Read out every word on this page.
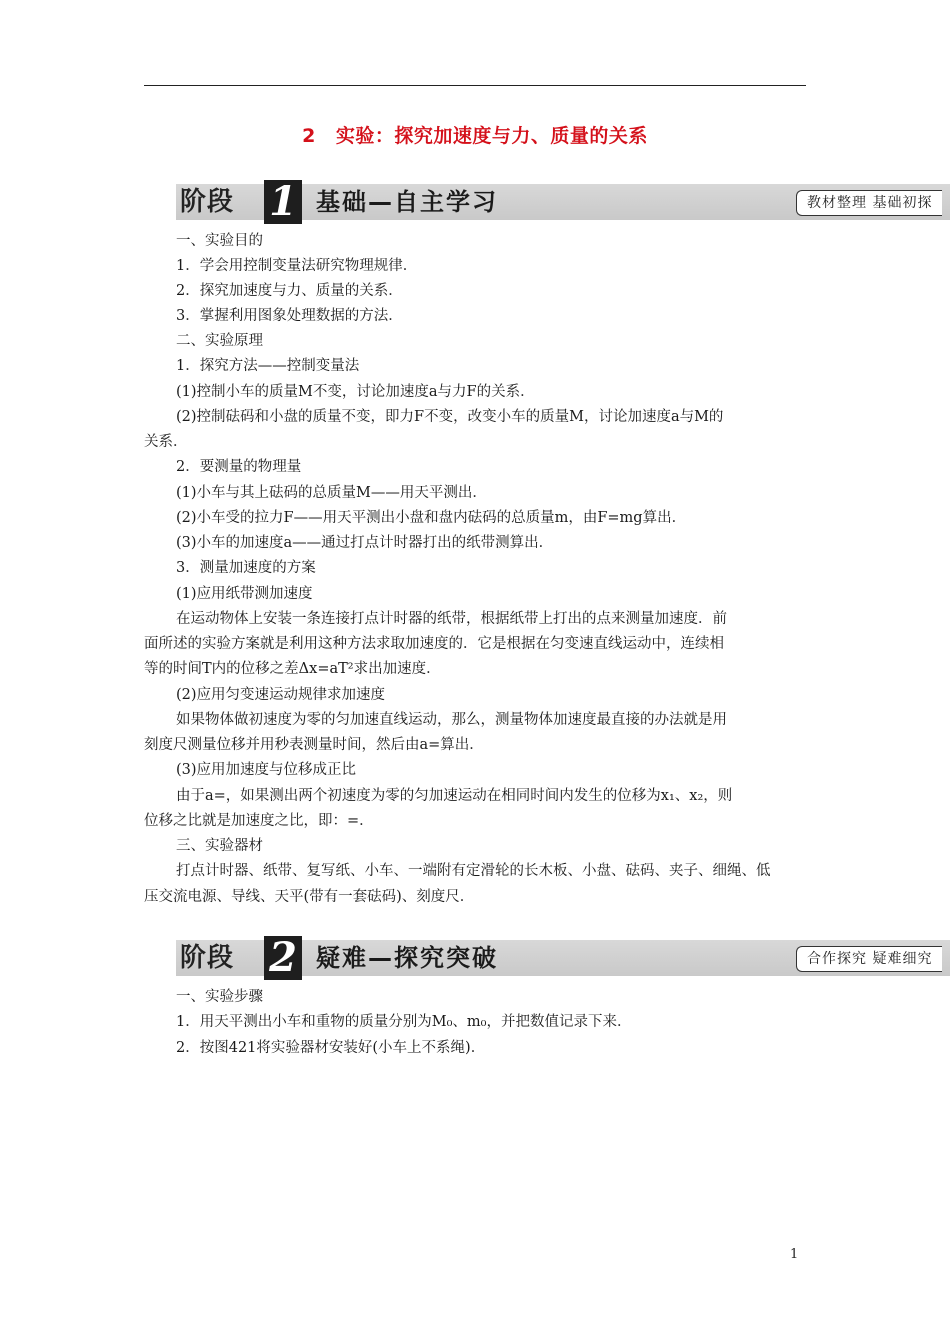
2 实验：探究加速度与力、质量的关系
阶段 1 基础—自主学习	教材整理 基础初探
一、实验目的
1．学会用控制变量法研究物理规律．
2．探究加速度与力、质量的关系．
3．掌握利用图象处理数据的方法．
二、实验原理
1．探究方法——控制变量法
(1)控制小车的质量M不变，讨论加速度a与力F的关系．
(2)控制砝码和小盘的质量不变，即力F不变，改变小车的质量M，讨论加速度a与M的
关系．
2．要测量的物理量
(1)小车与其上砝码的总质量M——用天平测出．
(2)小车受的拉力F——用天平测出小盘和盘内砝码的总质量m，由F=mg算出．
(3)小车的加速度a——通过打点计时器打出的纸带测算出．
3．测量加速度的方案
(1)应用纸带测加速度
在运动物体上安装一条连接打点计时器的纸带，根据纸带上打出的点来测量加速度．前
面所述的实验方案就是利用这种方法求取加速度的．它是根据在匀变速直线运动中，连续相
等的时间T内的位移之差Δx=aT²求出加速度．
(2)应用匀变速运动规律求加速度
如果物体做初速度为零的匀加速直线运动，那么，测量物体加速度最直接的办法就是用
刻度尺测量位移并用秒表测量时间，然后由a=算出．
(3)应用加速度与位移成正比
由于a=，如果测出两个初速度为零的匀加速运动在相同时间内发生的位移为x₁、x₂，则
位移之比就是加速度之比，即：=．
三、实验器材
打点计时器、纸带、复写纸、小车、一端附有定滑轮的长木板、小盘、砝码、夹子、细绳、低
压交流电源、导线、天平(带有一套砝码)、刻度尺．
阶段 2 疑难—探究突破	合作探究 疑难细究
一、实验步骤
1．用天平测出小车和重物的质量分别为M₀、m₀，并把数值记录下来．
2．按图421将实验器材安装好(小车上不系绳)．
1
